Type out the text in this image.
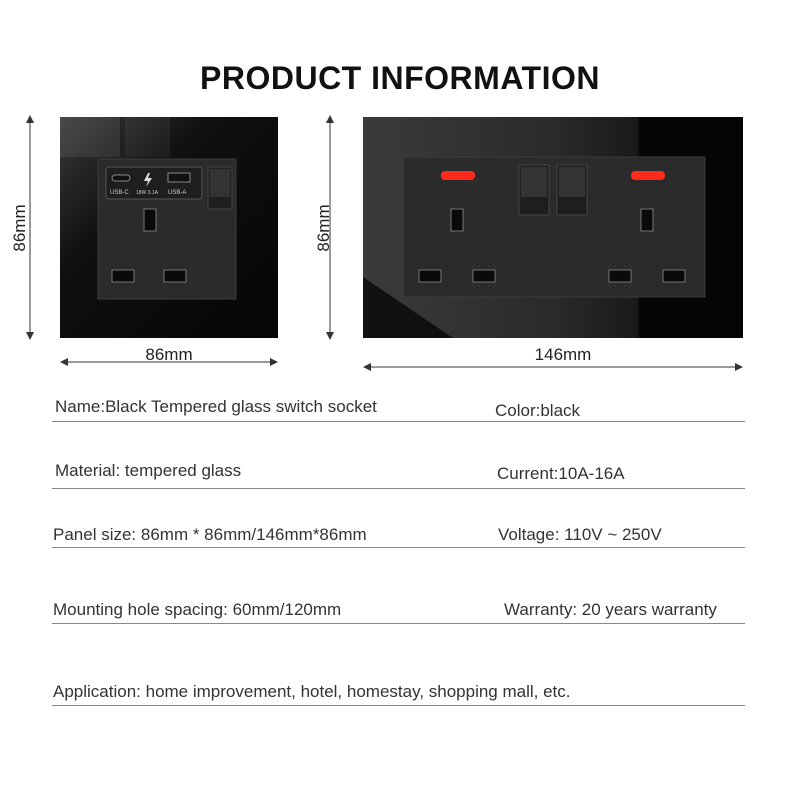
PRODUCT INFORMATION
86mm
USB-C 18W 3.1A USB-A
86mm
86mm
146mm
Name:Black Tempered glass switch socket	Color:black
Material: tempered glass	Current:10A-16A
Panel size: 86mm * 86mm/146mm*86mm	Voltage: 110V ~ 250V
Mounting hole spacing: 60mm/120mm	Warranty: 20 years warranty
Application: home improvement, hotel, homestay, shopping mall, etc.
